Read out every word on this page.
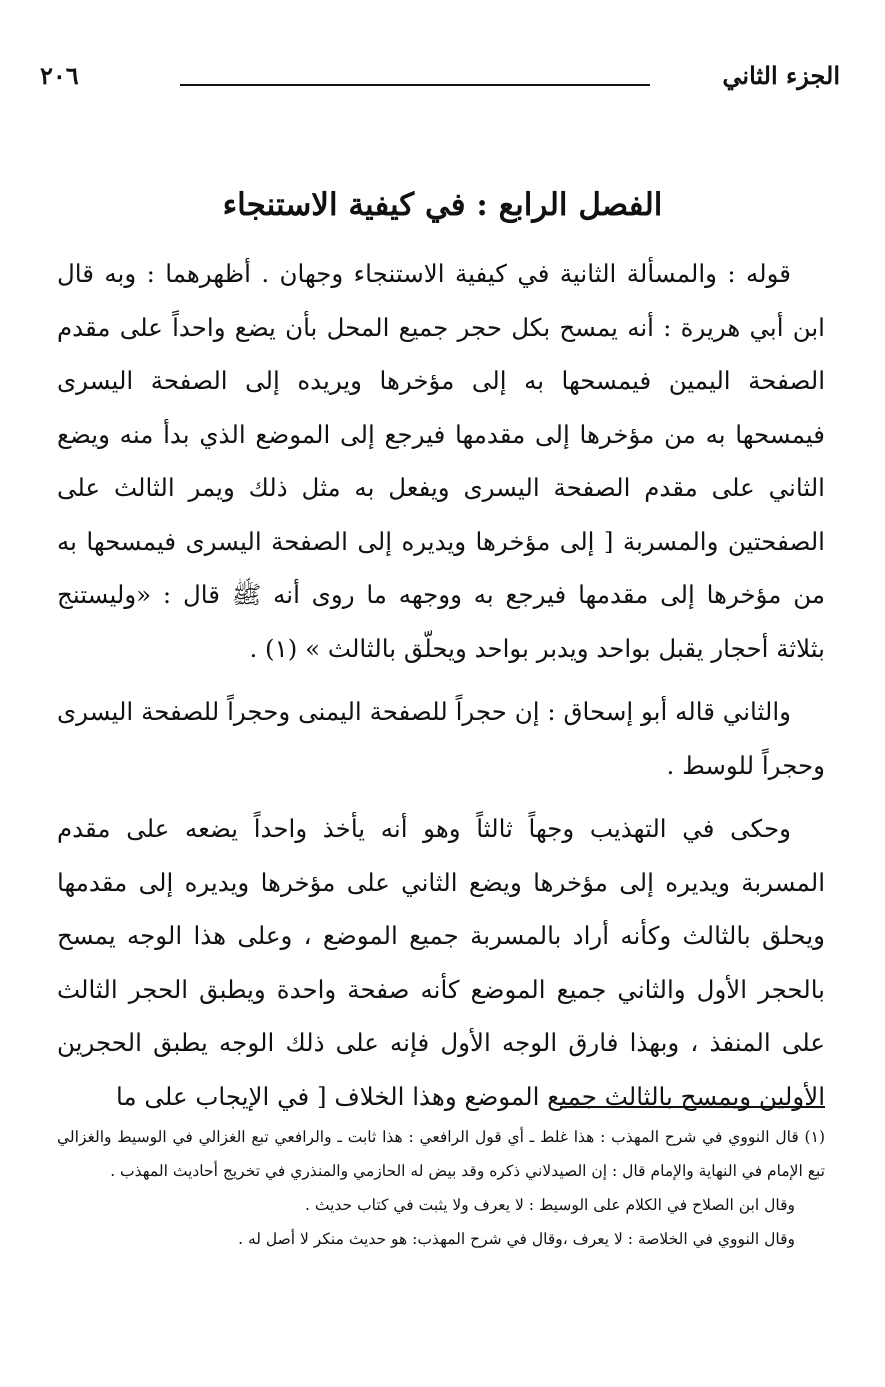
الجزء الثاني
٢٠٦
الفصل الرابع : في كيفية الاستنجاء

قوله : والمسألة الثانية في كيفية الاستنجاء وجهان . أظهرهما : وبه قال ابن أبي هريرة : أنه يمسح بكل حجر جميع المحل بأن يضع واحداً على مقدم الصفحة اليمين فيمسحها به إلى مؤخرها ويريده إلى الصفحة اليسرى فيمسحها به من مؤخرها إلى مقدمها فيرجع إلى الموضع الذي بدأ منه ويضع الثاني على مقدم الصفحة اليسرى ويفعل به مثل ذلك ويمر الثالث على الصفحتين والمسربة [ إلى مؤخرها ويديره إلى الصفحة اليسرى فيمسحها به من مؤخرها إلى مقدمها فيرجع به ووجهه ما روى أنه ﷺ قال : «وليستنج بثلاثة أحجار يقبل بواحد ويدبر بواحد ويحلّق بالثالث » (١) .

والثاني قاله أبو إسحاق : إن حجراً للصفحة اليمنى وحجراً للصفحة اليسرى وحجراً للوسط .

وحكى في التهذيب وجهاً ثالثاً وهو أنه يأخذ واحداً يضعه على مقدم المسربة ويديره إلى مؤخرها ويضع الثاني على مؤخرها ويديره إلى مقدمها ويحلق بالثالث وكأنه أراد بالمسربة جميع الموضع ، وعلى هذا الوجه يمسح بالحجر الأول والثاني جميع الموضع كأنه صفحة واحدة ويطبق الحجر الثالث على المنفذ ، وبهذا فارق الوجه الأول فإنه على ذلك الوجه يطبق الحجرين الأولين ويمسح بالثالث جميع الموضع وهذا الخلاف [ في الإيجاب على ما

(١) قال النووي في شرح المهذب : هذا غلط ـ أي قول الرافعي : هذا ثابت ـ والرافعي تبع الغزالي في الوسيط والغزالي تبع الإمام في النهاية والإمام قال : إن الصيدلاني ذكره وقد بيض له الحازمي والمنذري في تخريج أحاديث المهذب .

وقال ابن الصلاح في الكلام على الوسيط : لا يعرف ولا يثبت في كتاب حديث .

وقال النووي في الخلاصة : لا يعرف ،وقال في شرح المهذب: هو حديث منكر لا أصل له .
